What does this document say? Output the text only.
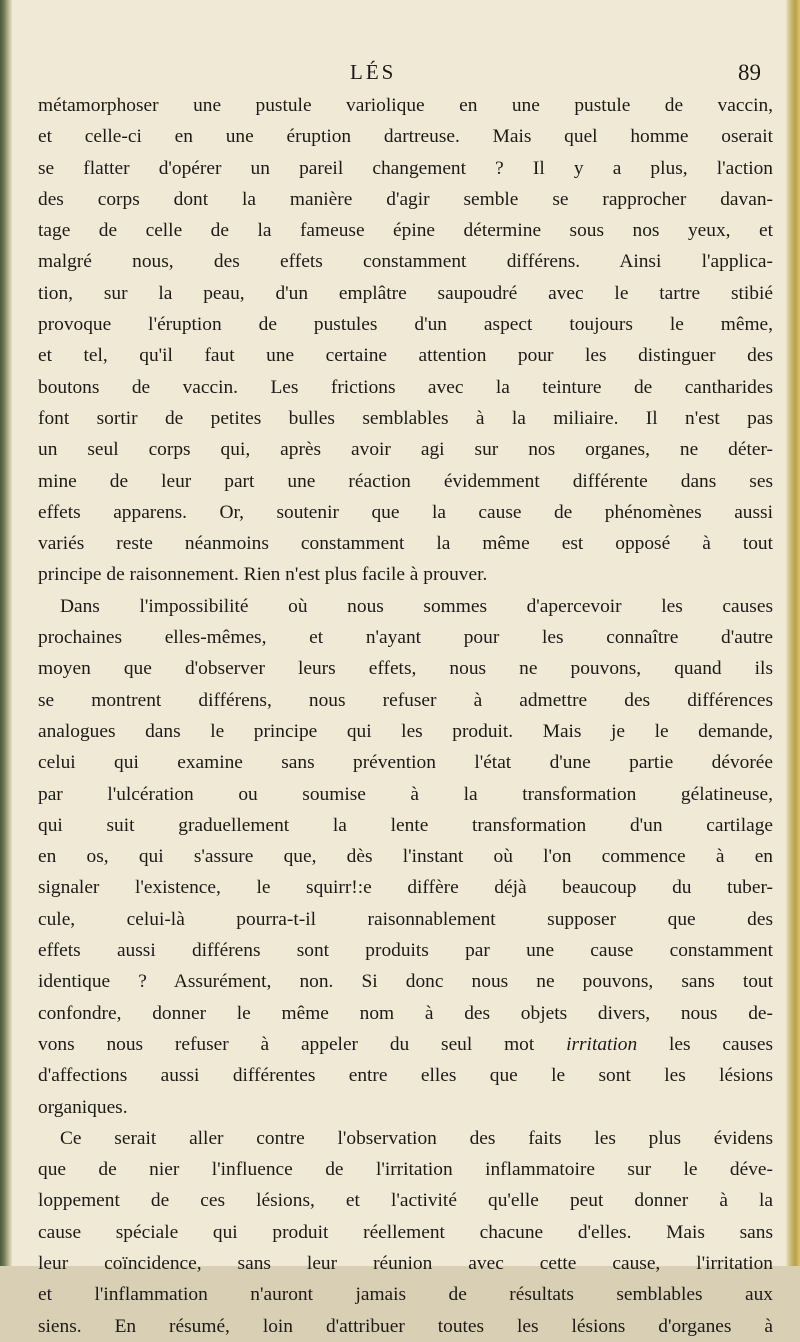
LÉS	89
métamorphoser une pustule variolique en une pustule de vaccin,
et celle-ci en une éruption dartreuse. Mais quel homme oserait
se flatter d'opérer un pareil changement ? Il y a plus, l'action
des corps dont la manière d'agir semble se rapprocher davan-
tage de celle de la fameuse épine détermine sous nos yeux, et
malgré nous, des effets constamment différens. Ainsi l'applica-
tion, sur la peau, d'un emplâtre saupoudré avec le tartre stibié
provoque l'éruption de pustules d'un aspect toujours le même,
et tel, qu'il faut une certaine attention pour les distinguer des
boutons de vaccin. Les frictions avec la teinture de cantharides
font sortir de petites bulles semblables à la miliaire. Il n'est pas
un seul corps qui, après avoir agi sur nos organes, ne déter-
mine de leur part une réaction évidemment différente dans ses
effets apparens. Or, soutenir que la cause de phénomènes aussi
variés reste néanmoins constamment la même est opposé à tout
principe de raisonnement. Rien n'est plus facile à prouver.
Dans l'impossibilité où nous sommes d'apercevoir les causes
prochaines elles-mêmes, et n'ayant pour les connaître d'autre
moyen que d'observer leurs effets, nous ne pouvons, quand ils
se montrent différens, nous refuser à admettre des différences
analogues dans le principe qui les produit. Mais je le demande,
celui qui examine sans prévention l'état d'une partie dévorée
par l'ulcération ou soumise à la transformation gélatineuse,
qui suit graduellement la lente transformation d'un cartilage
en os, qui s'assure que, dès l'instant où l'on commence à en
signaler l'existence, le squirr!:e diffère déjà beaucoup du tuber-
cule, celui-là pourra-t-il raisonnablement supposer que des
effets aussi différens sont produits par une cause constamment
identique ? Assurément, non. Si donc nous ne pouvons, sans tout
confondre, donner le même nom à des objets divers, nous de-
vons nous refuser à appeler du seul mot irritation les causes
d'affections aussi différentes entre elles que le sont les lésions
organiques.
Ce serait aller contre l'observation des faits les plus évidens
que de nier l'influence de l'irritation inflammatoire sur le déve-
loppement de ces lésions, et l'activité qu'elle peut donner à la
cause spéciale qui produit réellement chacune d'elles. Mais sans
leur coïncidence, sans leur réunion avec cette cause, l'irritation
et l'inflammation n'auront jamais de résultats semblables aux
siens. En résumé, loin d'attribuer toutes les lésions d'organes à
